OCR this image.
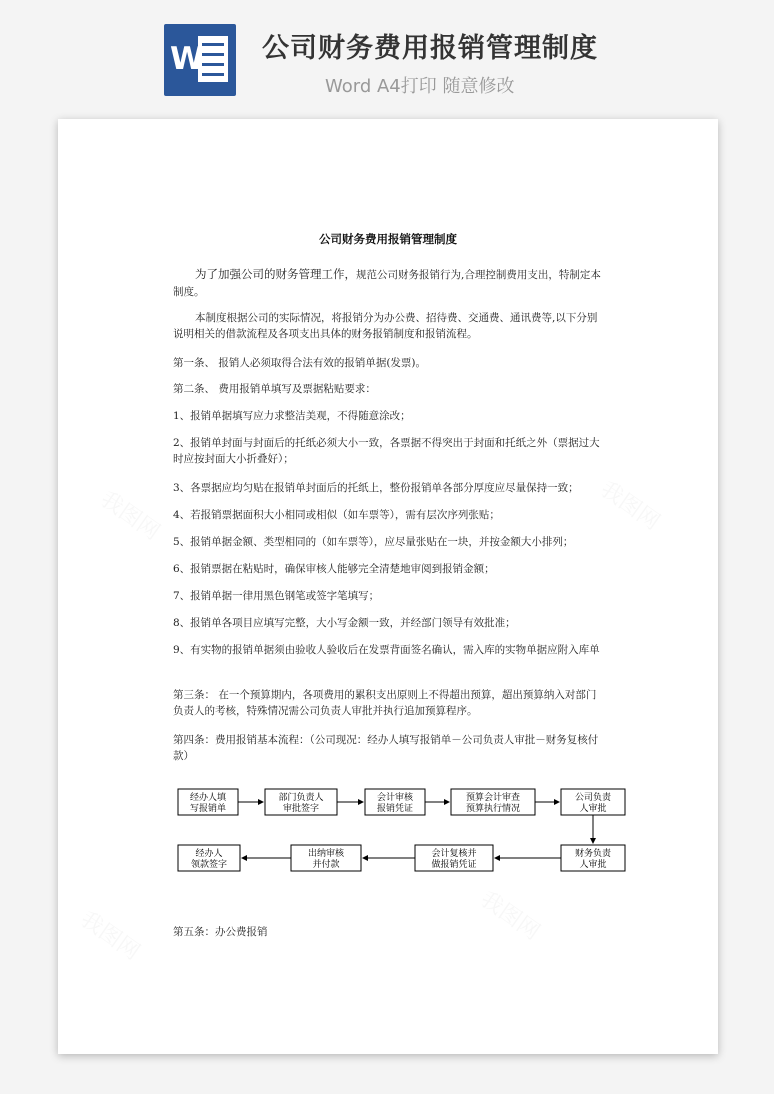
W 公司财务费用报销管理制度
Word A4打印 随意修改
我图网	我图网
我图网	我图网
公司财务费用报销管理制度
为了加强公司的财务管理工作，规范公司财务报销行为,合理控制费用支出，特制定本制度。
本制度根据公司的实际情况，将报销分为办公费、招待费、交通费、通讯费等,以下分别说明相关的借款流程及各项支出具体的财务报销制度和报销流程。
第一条、 报销人必须取得合法有效的报销单据(发票)。
第二条、 费用报销单填写及票据粘贴要求：
1、报销单据填写应力求整洁美观，不得随意涂改；
2、报销单封面与封面后的托纸必须大小一致，各票据不得突出于封面和托纸之外（票据过大时应按封面大小折叠好）；
3、各票据应均匀贴在报销单封面后的托纸上，整份报销单各部分厚度应尽量保持一致；
4、若报销票据面积大小相同或相似（如车票等），需有层次序列张贴；
5、报销单据金额、类型相同的（如车票等），应尽量张贴在一块，并按金额大小排列；
6、报销票据在粘贴时，确保审核人能够完全清楚地审阅到报销金额；
7、报销单据一律用黑色钢笔或签字笔填写；
8、报销单各项目应填写完整，大小写金额一致，并经部门领导有效批准；
9、有实物的报销单据须由验收人验收后在发票背面签名确认，需入库的实物单据应附入库单
第三条： 在一个预算期内，各项费用的累积支出原则上不得超出预算，超出预算纳入对部门负责人的考核，特殊情况需公司负责人审批并执行追加预算程序。
第四条：费用报销基本流程：（公司现况：经办人填写报销单－公司负责人审批－财务复核付款）
经办人填
写报销单
部门负责人
审批签字
会计审核
报销凭证
预算会计审查
预算执行情况
公司负责
人审批
财务负责
人审批
会计复核并
做报销凭证
出纳审核
并付款
经办人
领款签字
第五条：办公费报销
